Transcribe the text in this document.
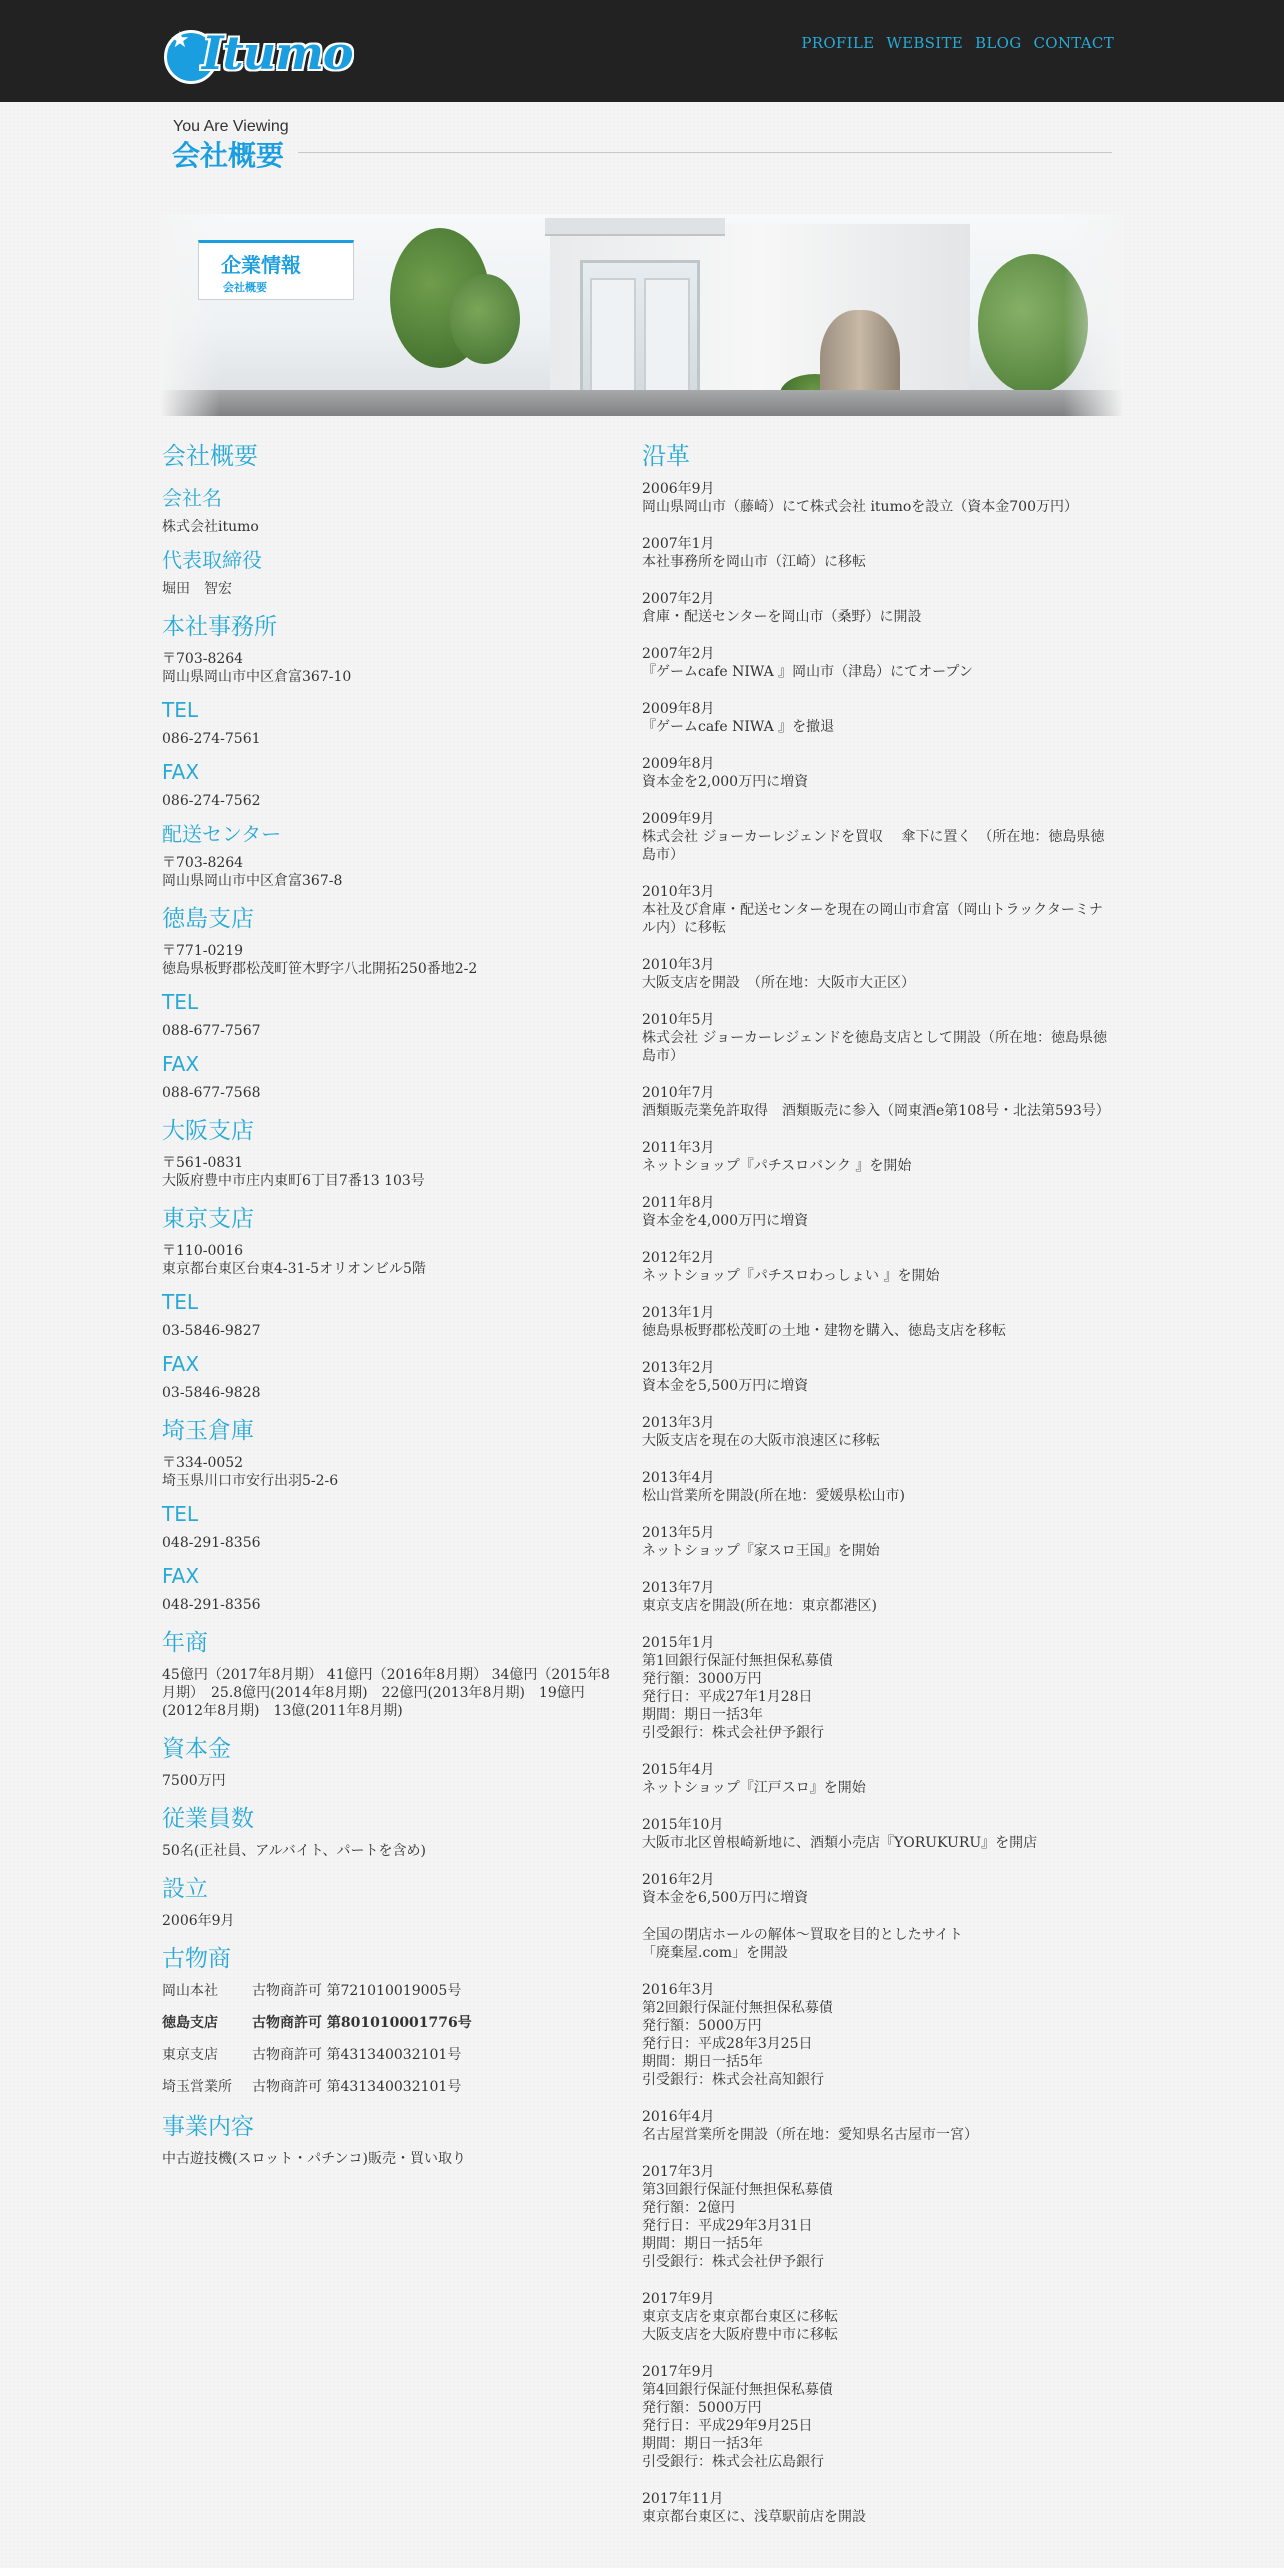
★ Itumo	PROFILE WEBSITE BLOG CONTACT
You Are Viewing
会社概要
企業情報
会社概要
会社概要
会社名
株式会社itumo
代表取締役
堀田　智宏
本社事務所
〒703-8264
岡山県岡山市中区倉富367-10
TEL
086-274-7561
FAX
086-274-7562
配送センター
〒703-8264
岡山県岡山市中区倉富367-8
徳島支店
〒771-0219
徳島県板野郡松茂町笹木野字八北開拓250番地2-2
TEL
088-677-7567
FAX
088-677-7568
大阪支店
〒561-0831
大阪府豊中市庄内東町6丁目7番13 103号
東京支店
〒110-0016
東京都台東区台東4-31-5オリオンビル5階
TEL
03-5846-9827
FAX
03-5846-9828
埼玉倉庫
〒334-0052
埼玉県川口市安行出羽5-2-6
TEL
048-291-8356
FAX
048-291-8356
年商
45億円（2017年8月期） 41億円（2016年8月期） 34億円（2015年8月期）　25.8億円(2014年8月期)　22億円(2013年8月期)　19億円(2012年8月期)　13億(2011年8月期)
資本金
7500万円
従業員数
50名(正社員、アルバイト、パートを含め)
設立
2006年9月
古物商
岡山本社	古物商許可 第721010019005号
徳島支店	古物商許可 第801010001776号
東京支店	古物商許可 第431340032101号
埼玉営業所	古物商許可 第431340032101号
事業内容
中古遊技機(スロット・パチンコ)販売・買い取り
沿革
2006年9月
岡山県岡山市（藤崎）にて株式会社 itumoを設立（資本金700万円）
2007年1月
本社事務所を岡山市（江崎）に移転
2007年2月
倉庫・配送センターを岡山市（桑野）に開設
2007年2月
『ゲームcafe NIWA 』岡山市（津島）にてオープン
2009年8月
『ゲームcafe NIWA 』を撤退
2009年8月
資本金を2,000万円に増資
2009年9月
株式会社 ジョーカーレジェンドを買収　 傘下に置く　（所在地：徳島県徳島市）
2010年3月
本社及び倉庫・配送センターを現在の岡山市倉富（岡山トラックターミナル内）に移転
2010年3月
大阪支店を開設　（所在地：大阪市大正区）
2010年5月
株式会社 ジョーカーレジェンドを徳島支店として開設（所在地：徳島県徳島市）
2010年7月
酒類販売業免許取得　酒類販売に参入（岡東酒e第108号・北法第593号）
2011年3月
ネットショップ『パチスロバンク 』を開始
2011年8月
資本金を4,000万円に増資
2012年2月
ネットショップ『パチスロわっしょい 』を開始
2013年1月
徳島県板野郡松茂町の土地・建物を購入、徳島支店を移転
2013年2月
資本金を5,500万円に増資
2013年3月
大阪支店を現在の大阪市浪速区に移転
2013年4月
松山営業所を開設(所在地：愛媛県松山市)
2013年5月
ネットショップ『家スロ王国』を開始
2013年7月
東京支店を開設(所在地：東京都港区)
2015年1月
第1回銀行保証付無担保私募債
発行額：3000万円
発行日：平成27年1月28日
期間：期日一括3年
引受銀行：株式会社伊予銀行
2015年4月
ネットショップ『江戸スロ』を開始
2015年10月
大阪市北区曽根崎新地に、酒類小売店『YORUKURU』を開店
2016年2月
資本金を6,500万円に増資
全国の閉店ホールの解体～買取を目的としたサイト
「廃棄屋.com」を開設
2016年3月
第2回銀行保証付無担保私募債
発行額：5000万円
発行日：平成28年3月25日
期間：期日一括5年
引受銀行：株式会社高知銀行
2016年4月
名古屋営業所を開設（所在地：愛知県名古屋市一宮）
2017年3月
第3回銀行保証付無担保私募債
発行額：2億円
発行日：平成29年3月31日
期間：期日一括5年
引受銀行：株式会社伊予銀行
2017年9月
東京支店を東京都台東区に移転
大阪支店を大阪府豊中市に移転
2017年9月
第4回銀行保証付無担保私募債
発行額：5000万円
発行日：平成29年9月25日
期間：期日一括3年
引受銀行：株式会社広島銀行
2017年11月
東京都台東区に、浅草駅前店を開設
